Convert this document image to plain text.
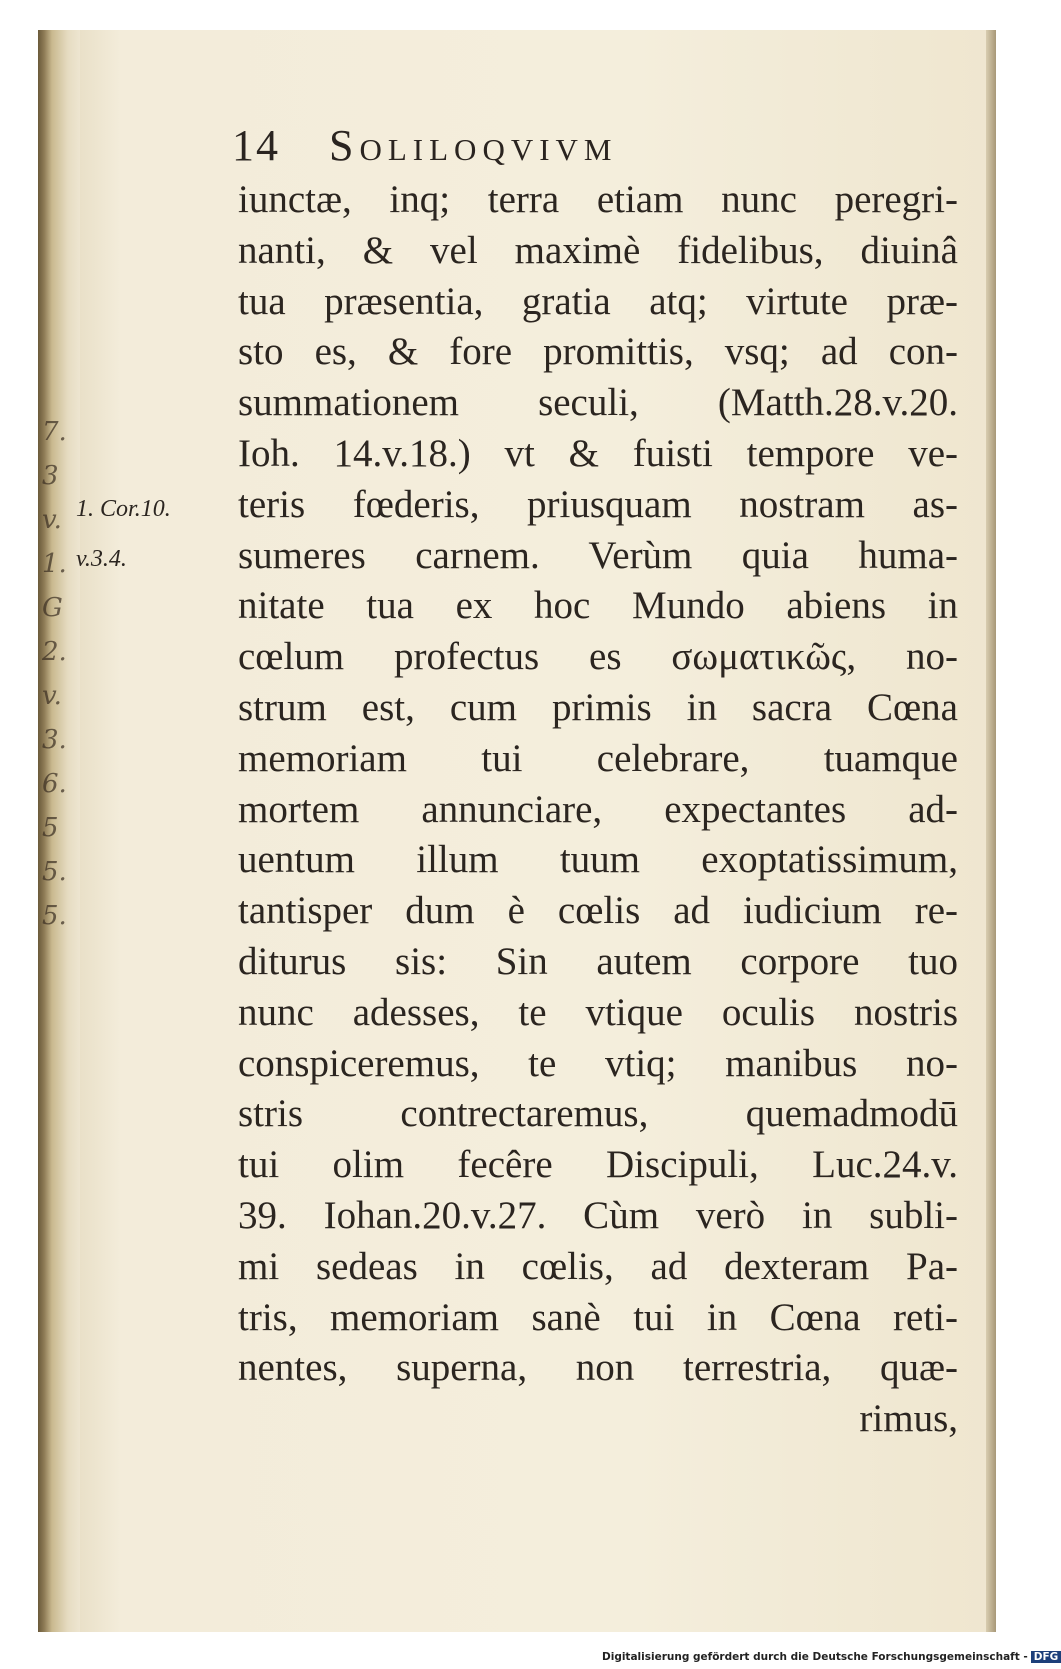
7.
3
v.
1.
G
2.
v.
3.
6.
5
5.
5.
14 Soliloqvivm
1. Cor.10.
v.3.4.
iunctæ, inq; terra etiam nunc peregri-
nanti, & vel maximè fidelibus, diuinâ
tua præsentia, gratia atq; virtute præ-
sto es, & fore promittis, vsq; ad con-
summationem seculi, (Matth.28.v.20.
Ioh. 14.v.18.) vt & fuisti tempore ve-
teris fœderis, priusquam nostram as-
sumeres carnem. Verùm quia huma-
nitate tua ex hoc Mundo abiens in
cœlum profectus es σωματικῶς, no-
strum est, cum primis in sacra Cœna
memoriam tui celebrare, tuamque
mortem annunciare, expectantes ad-
uentum illum tuum exoptatissimum,
tantisper dum è cœlis ad iudicium re-
diturus sis: Sin autem corpore tuo
nunc adesses, te vtique oculis nostris
conspiceremus, te vtiq; manibus no-
stris contrectaremus, quemadmodū
tui olim fecêre Discipuli, Luc.24.v.
39. Iohan.20.v.27. Cùm verò in subli-
mi sedeas in cœlis, ad dexteram Pa-
tris, memoriam sanè tui in Cœna reti-
nentes, superna, non terrestria, quæ-
rimus,
Digitalisierung gefördert durch die Deutsche Forschungsgemeinschaft - DFG
